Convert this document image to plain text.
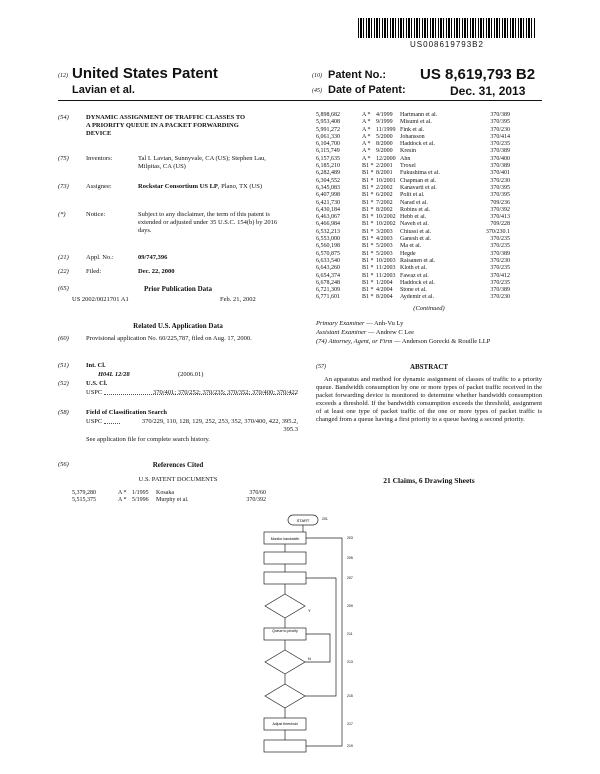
US008619793B2
(12) United States Patent
Lavian et al.
(10) Patent No.: US 8,619,793 B2
(45) Date of Patent:	Dec. 31, 2013
(54)	DYNAMIC ASSIGNMENT OF TRAFFIC CLASSES TO A PRIORITY QUEUE IN A PACKET FORWARDING DEVICE
(75)	Inventors:	Tal I. Lavian, Sunnyvale, CA (US); Stephen Lau, Milpitas, CA (US)
(73)	Assignee:	Rockstar Consortium US LP, Plano, TX (US)
(*)	Notice:	Subject to any disclaimer, the term of this patent is extended or adjusted under 35 U.S.C. 154(b) by 2016 days.
(21)	Appl. No.:	09/747,396
(22)	Filed:	Dec. 22, 2000
(65)	Prior Publication Data
US 2002/0021701 A1	Feb. 21, 2002
Related U.S. Application Data
(60)	Provisional application No. 60/225,787, filed on Aug. 17, 2000.
(51)	Int. Cl.
H04L 12/28	(2006.01)
(52)	U.S. Cl.
USPC	370/401; 370/252; 370/235; 370/352; 370/400; 370/422
(58)	Field of Classification Search
USPC	370/229, 110, 128, 129, 252, 253, 352, 370/400, 422, 395.2, 395.3
See application file for complete search history.
(56)	References Cited
U.S. PATENT DOCUMENTS
5,379,280	A * 1/1995	Kosaka	370/60
5,515,375	A * 5/1996	Murphy et al.	370/392
5,898,682	A * 4/1999	Hartmann et al.	370/389
5,953,408	A * 9/1999	Misumi et al.	370/395
5,991,272	A * 11/1999 Fink et al.	370/230
6,061,330	A * 5/2000	Johansson	370/414
6,104,700	A * 8/2000	Haddock et al.	370/235
6,115,749	A * 9/2000	Kresin	370/389
6,157,635	A * 12/2000 Ahn	370/400
6,185,210	B1 * 2/2001	Troxel	370/389
6,282,489	B1 * 8/2001	Fukushima et al.	370/401
6,304,552	B1 * 10/2001 Chapman et al.	370/230
6,345,083	B1 * 2/2002	Kanavarti et al.	370/395
6,407,998	B1 * 6/2002	Polit et al.	370/395
6,421,730	B1 * 7/2002	Narad et al.	709/236
6,430,184	B1 * 8/2002	Robins et al.	370/392
6,463,067	B1 * 10/2002 Hebb et al.	370/413
6,466,984	B1 * 10/2002 Naveh et al.	709/228
6,532,213	B1 * 3/2003	Chiussi et al.	370/230.1
6,553,000	B1 * 4/2003	Ganesh et al.	370/235
6,560,198	B1 * 5/2003	Ma et al.	370/235
6,570,875	B1 * 5/2003	Hegde	370/389
6,633,540	B1 * 10/2003 Raisanen et al.	370/230
6,643,260	B1 * 11/2003 Kloth et al.	370/235
6,654,374	B1 * 11/2003 Fawaz et al.	370/412
6,678,248	B1 * 1/2004	Haddock et al.	370/235
6,721,309	B1 * 4/2004	Stone et al.	370/389
6,771,601	B1 * 8/2004	Aydemir et al.	370/230
(Continued)
Primary Examiner — Anh-Vu Ly
Assistant Examiner — Andrew C Lee
(74) Attorney, Agent, or Firm — Anderson Gorecki & Rouille LLP
(57)	ABSTRACT
An apparatus and method for dynamic assignment of classes of traffic to a priority queue. Bandwidth consumption by one or more types of packet traffic received in the packet forwarding device is monitored to determine whether bandwidth consumption exceeds a threshold. If the bandwidth consumption exceeds the threshold, assignment of at least one type of packet traffic of the one or more types of packet traffic is changed from a queue having a first priority to a queue having a second priority.
21 Claims, 6 Drawing Sheets
START
Monitor bandwidth
Queue to priority
Adjust threshold
Y
N
201
203
205
207
209
211
213
215
217
219
